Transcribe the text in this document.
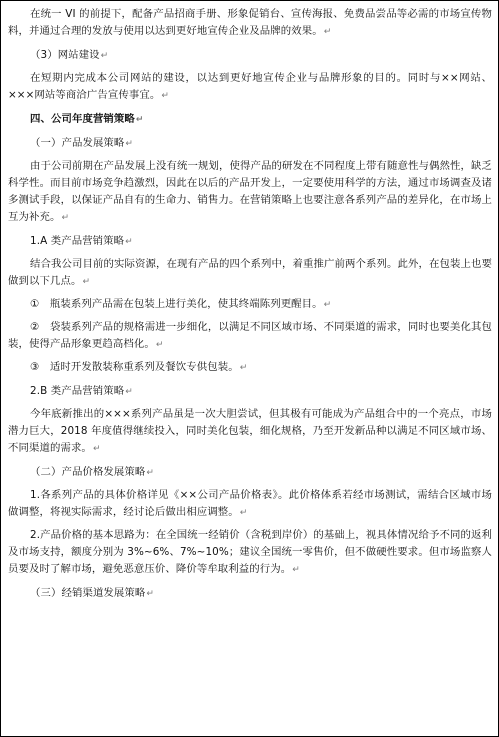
在统一 VI 的前提下，配备产品招商手册、形象促销台、宣传海报、免费品尝品等必需的市场宣传物料，并通过合理的发放与使用以达到更好地宣传企业及品牌的效果。↵

（3）网站建设↵

在短期内完成本公司网站的建设，以达到更好地宣传企业与品牌形象的目的。同时与××网站、×××网站等商洽广告宣传事宜。↵

四、公司年度营销策略↵

（一）产品发展策略↵

由于公司前期在产品发展上没有统一规划，使得产品的研发在不同程度上带有随意性与偶然性，缺乏科学性。而目前市场竞争趋激烈，因此在以后的产品开发上，一定要使用科学的方法，通过市场调查及诸多测试手段，以保证产品自有的生命力、销售力。在营销策略上也要注意各系列产品的差异化，在市场上互为补充。↵

1.A 类产品营销策略↵

结合我公司目前的实际资源，在现有产品的四个系列中，着重推广前两个系列。此外，在包装上也要做到以下几点。↵

①　瓶装系列产品需在包装上进行美化，使其终端陈列更醒目。↵

②　袋装系列产品的规格需进一步细化，以满足不同区域市场、不同渠道的需求，同时也要美化其包装，使得产品形象更趋高档化。↵

③　适时开发散装称重系列及餐饮专供包装。↵

2.B 类产品营销策略↵

今年底新推出的×××系列产品虽是一次大胆尝试，但其极有可能成为产品组合中的一个亮点，市场潜力巨大，2018 年度值得继续投入，同时美化包装，细化规格，乃至开发新品种以满足不同区域市场、不同渠道的需求。↵

（二）产品价格发展策略↵

1.各系列产品的具体价格详见《××公司产品价格表》。此价格体系若经市场测试，需结合区域市场做调整，将视实际需求，经讨论后做出相应调整。↵

2.产品价格的基本思路为：在全国统一经销价（含税到岸价）的基础上，视具体情况给予不同的返利及市场支持，额度分别为 3%~6%、7%~10%；建议全国统一零售价，但不做硬性要求。但市场监察人员要及时了解市场，避免恶意压价、降价等牟取利益的行为。↵

（三）经销渠道发展策略↵
